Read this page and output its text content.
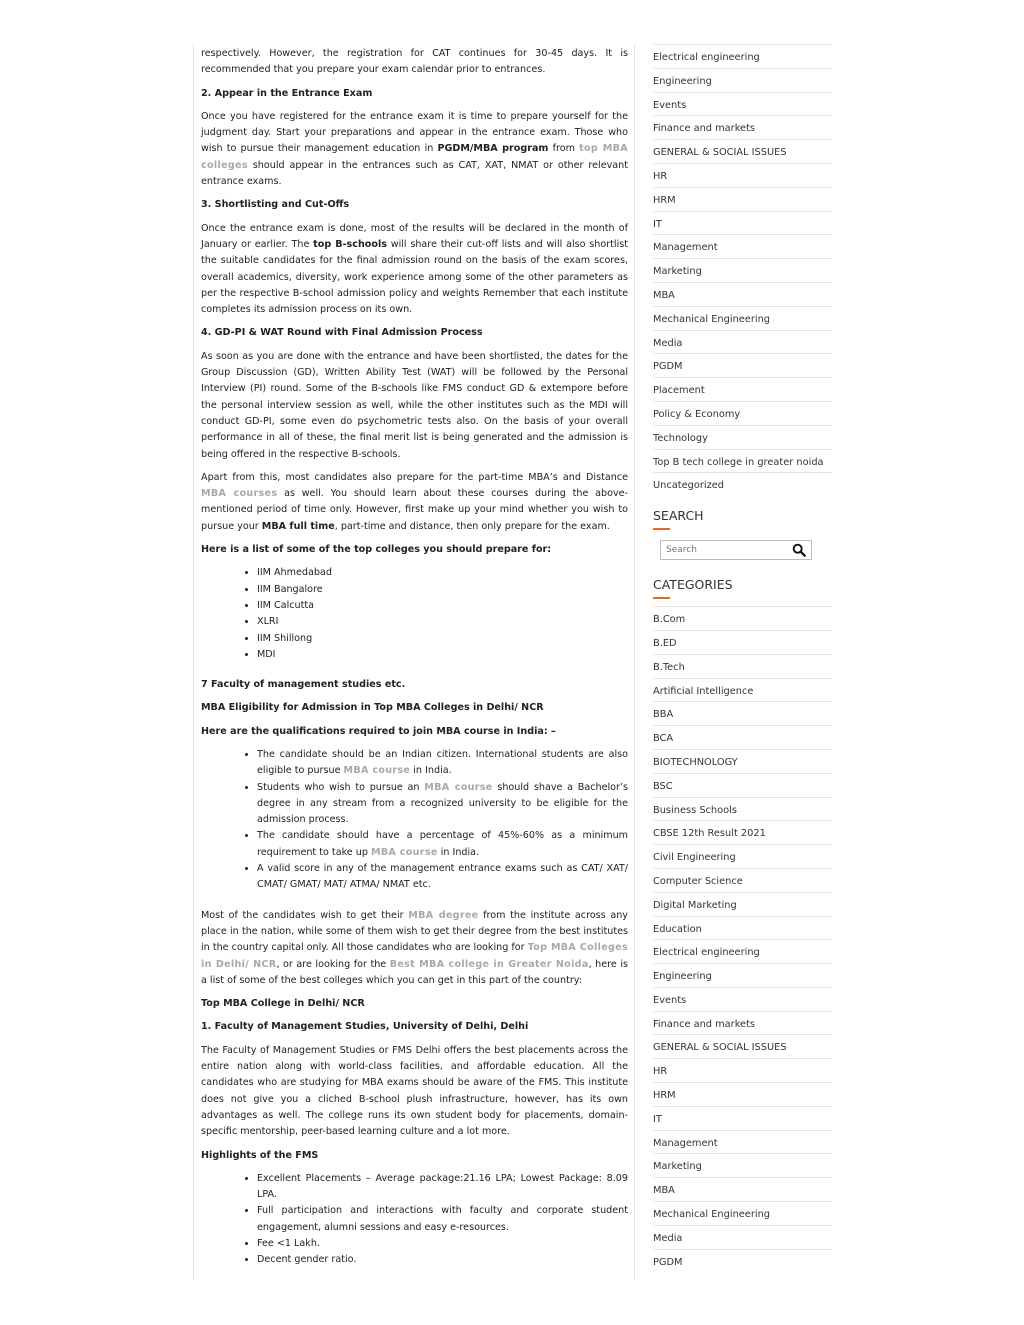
respectively. However, the registration for CAT continues for 30-45 days. It is recommended that you prepare your exam calendar prior to entrances.

2. Appear in the Entrance Exam

Once you have registered for the entrance exam it is time to prepare yourself for the judgment day. Start your preparations and appear in the entrance exam. Those who wish to pursue their management education in PGDM/MBA program from top MBA colleges should appear in the entrances such as CAT, XAT, NMAT or other relevant entrance exams.

3. Shortlisting and Cut-Offs

Once the entrance exam is done, most of the results will be declared in the month of January or earlier. The top B-schools will share their cut-off lists and will also shortlist the suitable candidates for the final admission round on the basis of the exam scores, overall academics, diversity, work experience among some of the other parameters as per the respective B-school admission policy and weights Remember that each institute completes its admission process on its own.

4. GD-PI & WAT Round with Final Admission Process

As soon as you are done with the entrance and have been shortlisted, the dates for the Group Discussion (GD), Written Ability Test (WAT) will be followed by the Personal Interview (PI) round. Some of the B-schools like FMS conduct GD & extempore before the personal interview session as well, while the other institutes such as the MDI will conduct GD-PI, some even do psychometric tests also. On the basis of your overall performance in all of these, the final merit list is being generated and the admission is being offered in the respective B-schools.

Apart from this, most candidates also prepare for the part-time MBA’s and Distance MBA courses as well. You should learn about these courses during the above-mentioned period of time only. However, first make up your mind whether you wish to pursue your MBA full time, part-time and distance, then only prepare for the exam.

Here is a list of some of the top colleges you should prepare for:
• IIM Ahmedabad
• IIM Bangalore
• IIM Calcutta
• XLRI
• IIM Shillong
• MDI
7 Faculty of management studies etc.
MBA Eligibility for Admission in Top MBA Colleges in Delhi/ NCR
Here are the qualifications required to join MBA course in India: –
• The candidate should be an Indian citizen. International students are also eligible to pursue MBA course in India.
• Students who wish to pursue an MBA course should shave a Bachelor’s degree in any stream from a recognized university to be eligible for the admission process.
• The candidate should have a percentage of 45%-60% as a minimum requirement to take up MBA course in India.
• A valid score in any of the management entrance exams such as CAT/ XAT/ CMAT/ GMAT/ MAT/ ATMA/ NMAT etc.

Most of the candidates wish to get their MBA degree from the institute across any place in the nation, while some of them wish to get their degree from the best institutes in the country capital only. All those candidates who are looking for Top MBA Colleges in Delhi/ NCR, or are looking for the Best MBA college in Greater Noida, here is a list of some of the best colleges which you can get in this part of the country:

Top MBA College in Delhi/ NCR
1. Faculty of Management Studies, University of Delhi, Delhi

The Faculty of Management Studies or FMS Delhi offers the best placements across the entire nation along with world-class facilities, and affordable education. All the candidates who are studying for MBA exams should be aware of the FMS. This institute does not give you a cliched B-school plush infrastructure, however, has its own advantages as well. The college runs its own student body for placements, domain-specific mentorship, peer-based learning culture and a lot more.

Highlights of the FMS
• Excellent Placements – Average package:21.16 LPA; Lowest Package: 8.09 LPA.
• Full participation and interactions with faculty and corporate student engagement, alumni sessions and easy e-resources.
• Fee <1 Lakh.
• Decent gender ratio.
Electrical engineering
Engineering
Events
Finance and markets
GENERAL & SOCIAL ISSUES
HR
HRM
IT
Management
Marketing
MBA
Mechanical Engineering
Media
PGDM
Placement
Policy & Economy
Technology
Top B tech college in greater noida
Uncategorized
SEARCH
Search
CATEGORIES
B.Com
B.ED
B.Tech
Artificial Intelligence
BBA
BCA
BIOTECHNOLOGY
BSC
Business Schools
CBSE 12th Result 2021
Civil Engineering
Computer Science
Digital Marketing
Education
Electrical engineering
Engineering
Events
Finance and markets
GENERAL & SOCIAL ISSUES
HR
HRM
IT
Management
Marketing
MBA
Mechanical Engineering
Media
PGDM
